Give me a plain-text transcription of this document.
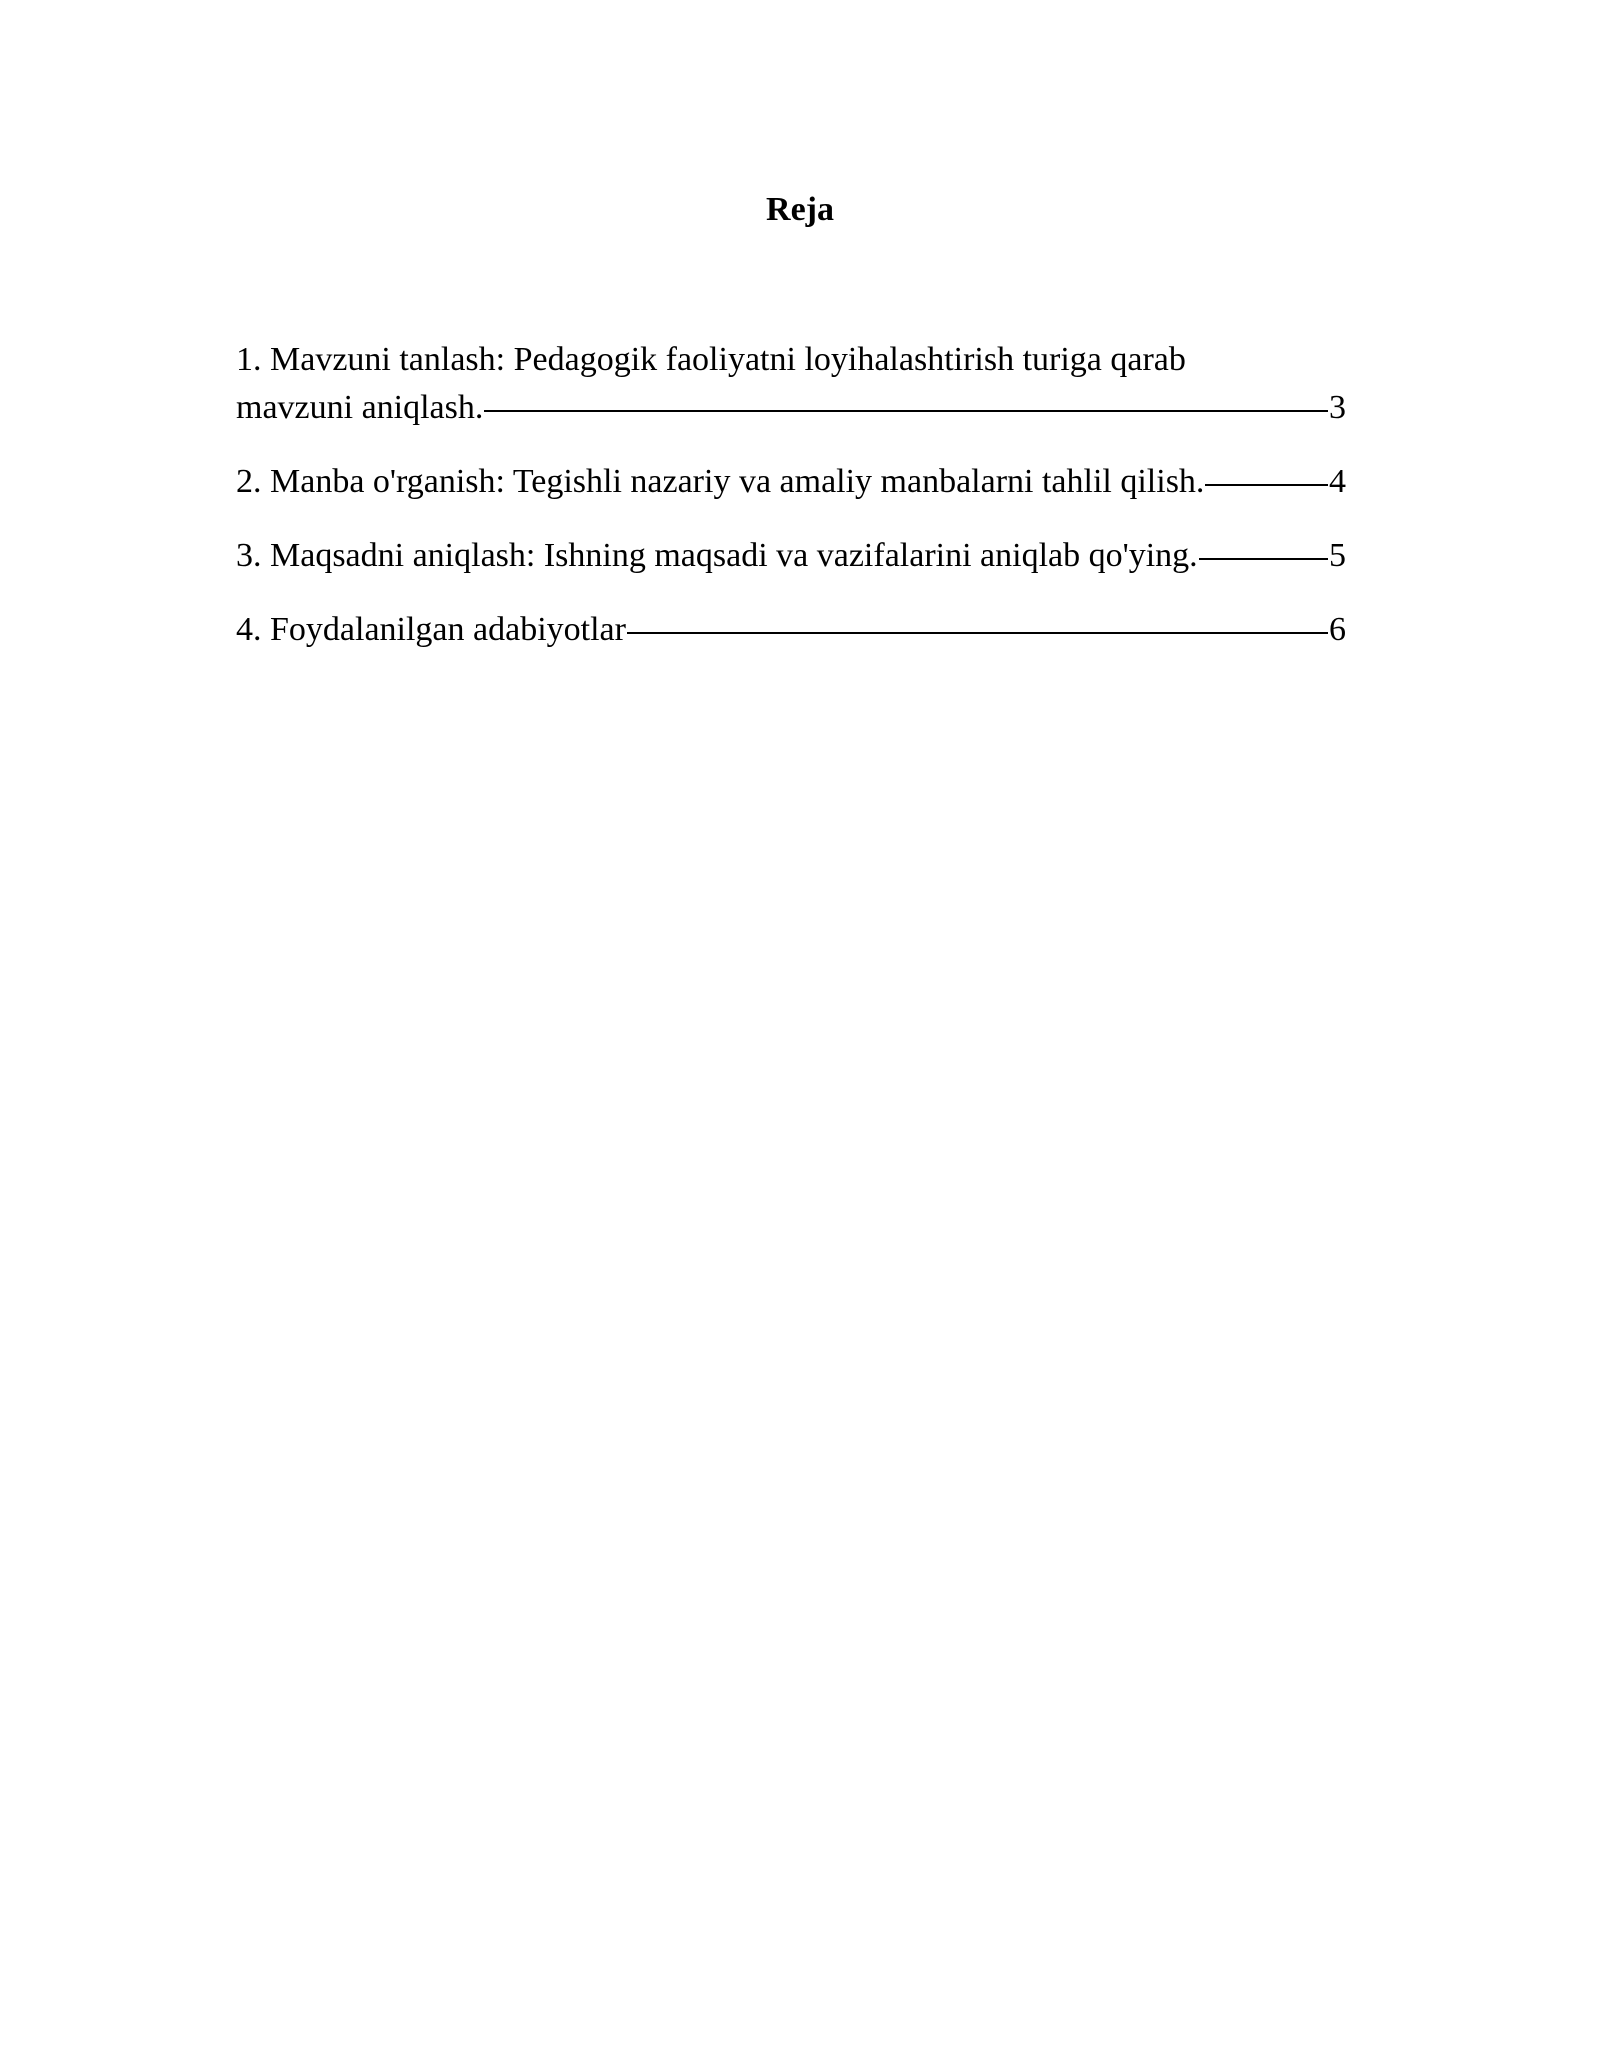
Reja
1. Mavzuni tanlash: Pedagogik faoliyatni loyihalashtirish turiga qarab
mavzuni aniqlash.	3
2. Manba o'rganish: Tegishli nazariy va amaliy manbalarni tahlil qilish.	4
3. Maqsadni aniqlash: Ishning maqsadi va vazifalarini aniqlab qo'ying.	5
4. Foydalanilgan adabiyotlar	6
